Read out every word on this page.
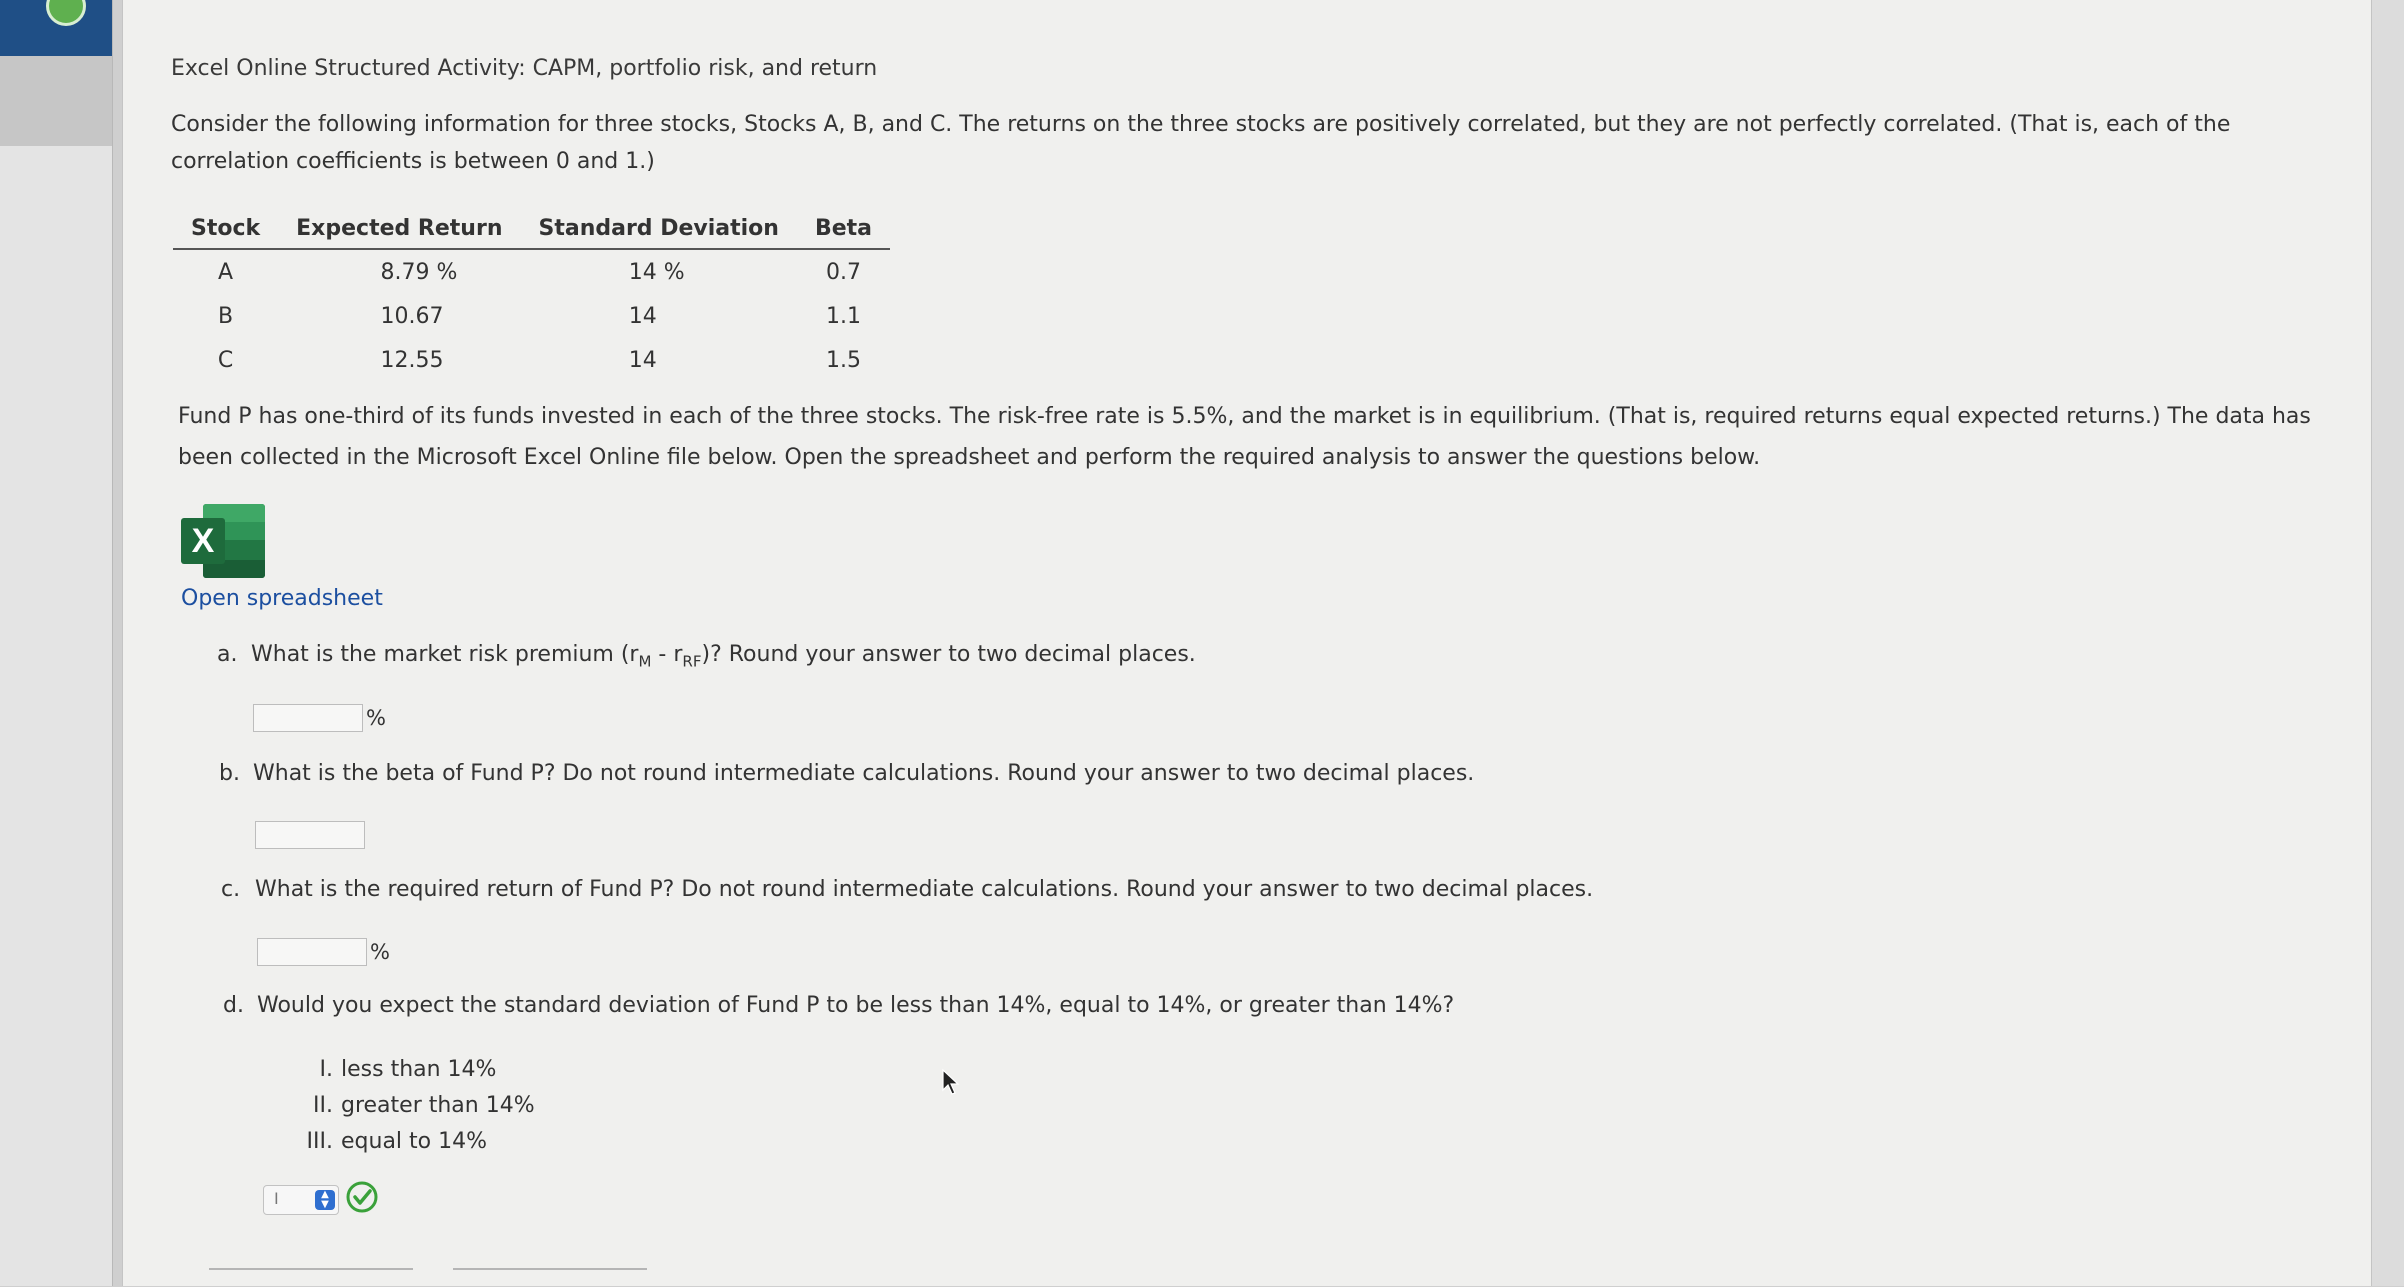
Excel Online Structured Activity: CAPM, portfolio risk, and return
Consider the following information for three stocks, Stocks A, B, and C. The returns on the three stocks are positively correlated, but they are not perfectly correlated. (That is, each of the correlation coefficients is between 0 and 1.)
Stock	Expected Return	Standard Deviation	Beta
A	8.79 %	14 %	0.7
B	10.67	14	1.1
C	12.55	14	1.5
Fund P has one-third of its funds invested in each of the three stocks. The risk-free rate is 5.5%, and the market is in equilibrium. (That is, required returns equal expected returns.) The data has been collected in the Microsoft Excel Online file below. Open the spreadsheet and perform the required analysis to answer the questions below.
X
Open spreadsheet
a. What is the market risk premium $(r_M - r_{RF})$? Round your answer to two decimal places.
%
b. What is the beta of Fund P? Do not round intermediate calculations. Round your answer to two decimal places.
c. What is the required return of Fund P? Do not round intermediate calculations. Round your answer to two decimal places.
%
d. Would you expect the standard deviation of Fund P to be less than 14%, equal to 14%, or greater than 14%?
I. less than 14%
II. greater than 14%
III. equal to 14%
I	▲
▼
